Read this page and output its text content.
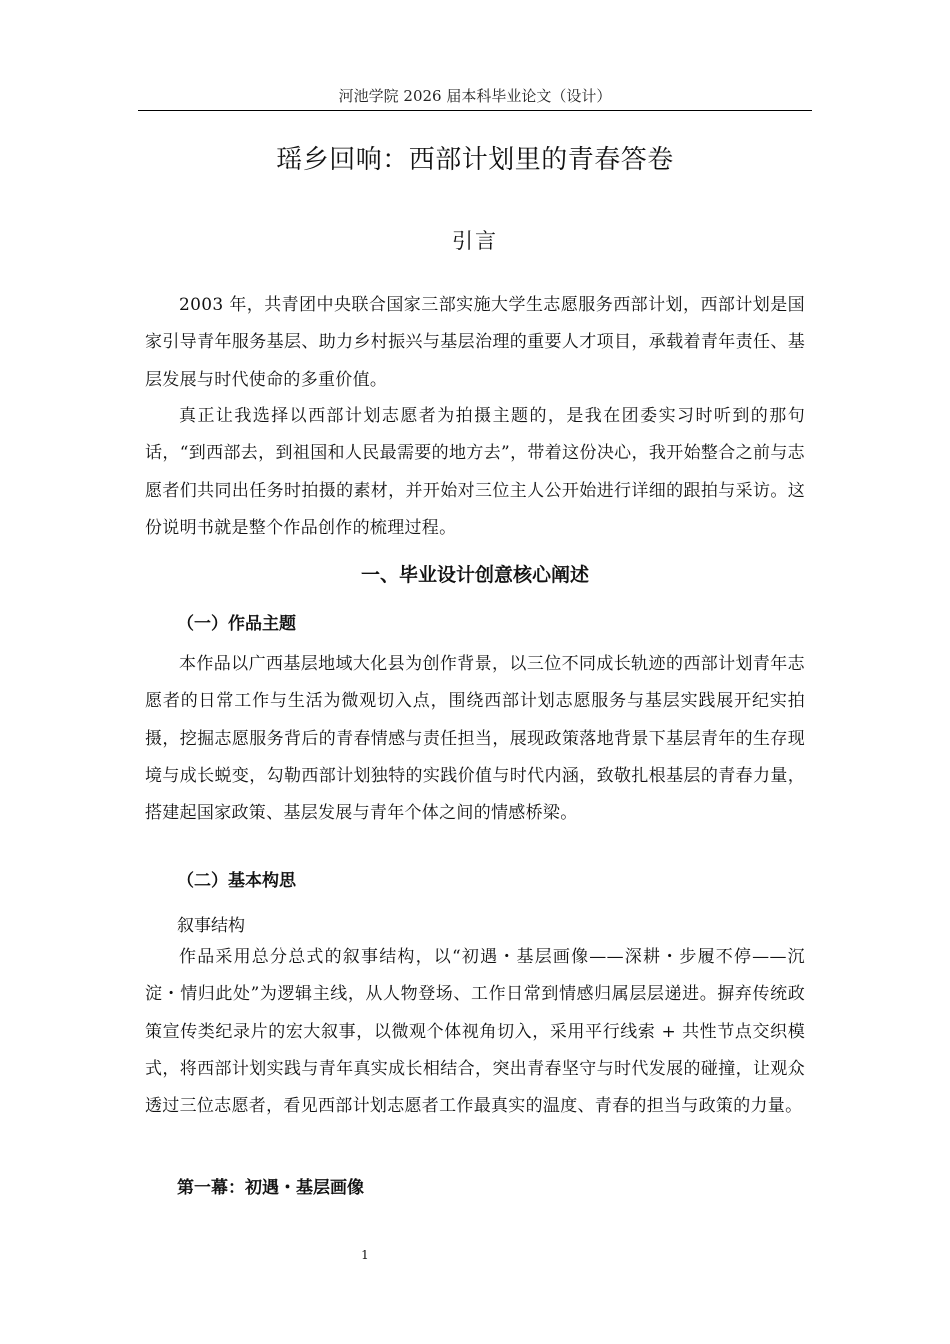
河池学院 2026 届本科毕业论文（设计）
瑶乡回响：西部计划里的青春答卷
引言

2003 年，共青团中央联合国家三部实施大学生志愿服务西部计划，西部计划是国家引导青年服务基层、助力乡村振兴与基层治理的重要人才项目，承载着青年责任、基层发展与时代使命的多重价值。

真正让我选择以西部计划志愿者为拍摄主题的，是我在团委实习时听到的那句话，“到西部去，到祖国和人民最需要的地方去”，带着这份决心，我开始整合之前与志愿者们共同出任务时拍摄的素材，并开始对三位主人公开始进行详细的跟拍与采访。这份说明书就是整个作品创作的梳理过程。

一、毕业设计创意核心阐述
（一）作品主题

本作品以广西基层地域大化县为创作背景，以三位不同成长轨迹的西部计划青年志愿者的日常工作与生活为微观切入点，围绕西部计划志愿服务与基层实践展开纪实拍摄，挖掘志愿服务背后的青春情感与责任担当，展现政策落地背景下基层青年的生存现境与成长蜕变，勾勒西部计划独特的实践价值与时代内涵，致敬扎根基层的青春力量，搭建起国家政策、基层发展与青年个体之间的情感桥梁。

（二）基本构思
叙事结构

作品采用总分总式的叙事结构，以“初遇・基层画像——深耕・步履不停——沉淀・情归此处”为逻辑主线，从人物登场、工作日常到情感归属层层递进。摒弃传统政策宣传类纪录片的宏大叙事，以微观个体视角切入，采用平行线索 + 共性节点交织模式，将西部计划实践与青年真实成长相结合，突出青春坚守与时代发展的碰撞，让观众透过三位志愿者，看见西部计划志愿者工作最真实的温度、青春的担当与政策的力量。

第一幕：初遇・基层画像
1
